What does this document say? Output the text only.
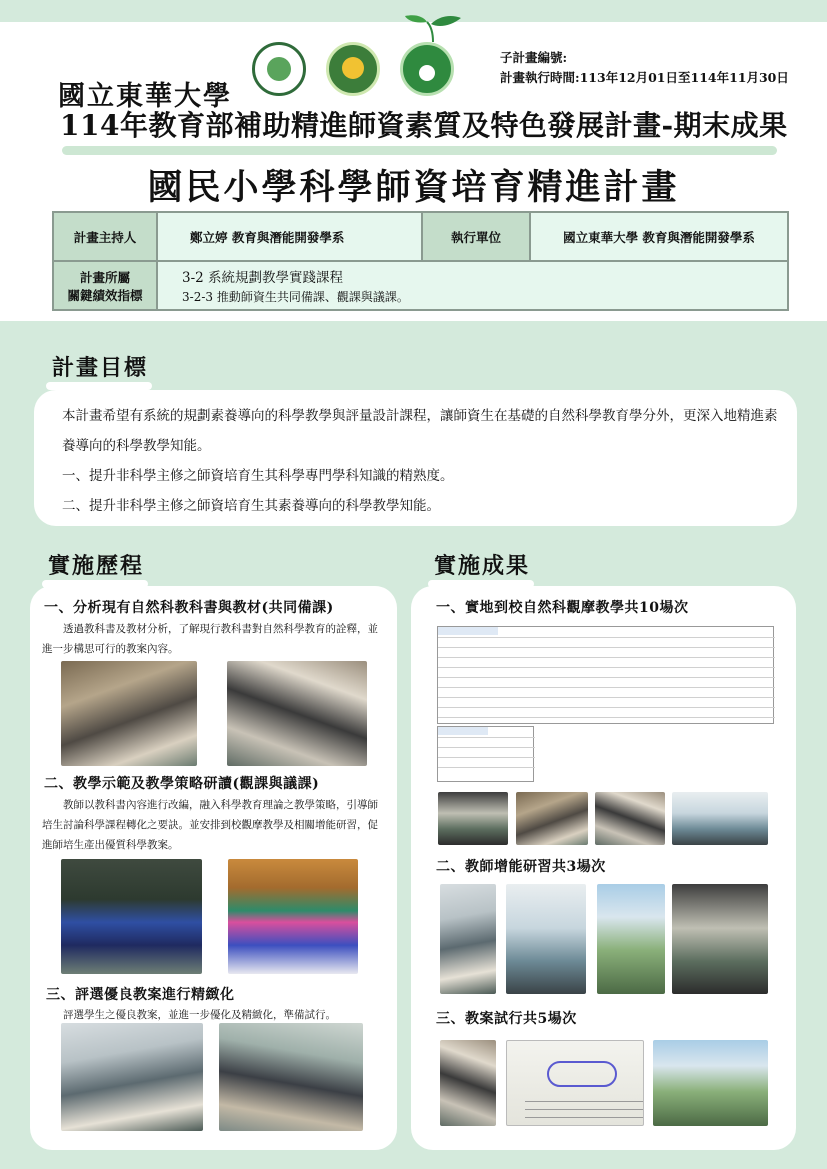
國立東華大學
子計畫編號:
計畫執行時間:113年12月01日至114年11月30日
114年教育部補助精進師資素質及特色發展計畫-期末成果
國民小學科學師資培育精進計畫
計畫主持人	鄭立婷 教育與潛能開發學系	執行單位	國立東華大學 教育與潛能開發學系

計畫所屬
關鍵績效指標	3-2 系統規劃教學實踐課程
3-2-3 推動師資生共同備課、觀課與議課。		
計畫目標

本計畫希望有系統的規劃素養導向的科學教學與評量設計課程，讓師資生在基礎的自然科學教育學分外，更深入地精進素養導向的科學教學知能。

一、提升非科學主修之師資培育生其科學專門學科知識的精熟度。

二、提升非科學主修之師資培育生其素養導向的科學教學知能。

實施歷程
一、分析現有自然科教科書與教材(共同備課)
透過教科書及教材分析，了解現行教科書對自然科學教育的詮釋，並進一步構思可行的教案內容。
二、教學示範及教學策略研讀(觀課與議課)
教師以教科書內容進行改編，融入科學教育理論之教學策略，引導師培生討論科學課程轉化之要訣。並安排到校觀摩教學及相關增能研習，促進師培生產出優質科學教案。
三、評選優良教案進行精緻化
評選學生之優良教案，並進一步優化及精緻化，準備試行。
實施成果
一、實地到校自然科觀摩教學共10場次
二、教師增能研習共3場次
三、教案試行共5場次
